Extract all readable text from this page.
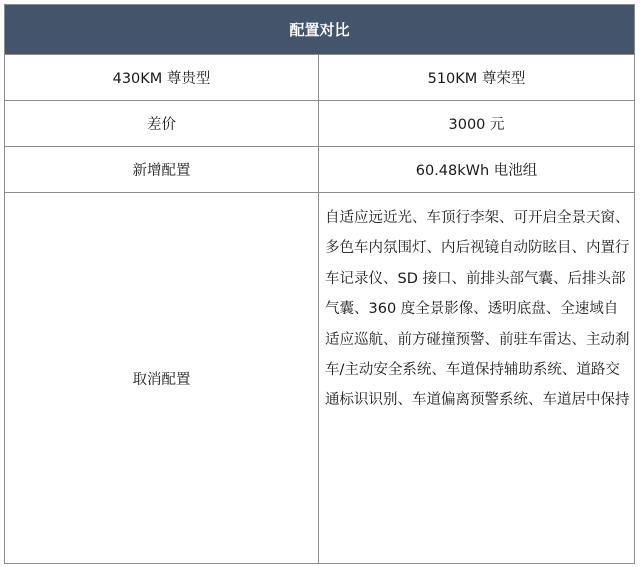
配置对比	
430KM 尊贵型	510KM 尊荣型
差价	3000 元
新增配置	60.48kWh 电池组
取消配置	自适应远近光、车顶行李架、可开启全景天窗、多色车内氛围灯、内后视镜自动防眩目、内置行车记录仪、SD 接口、前排头部气囊、后排头部气囊、360 度全景影像、透明底盘、全速域自适应巡航、前方碰撞预警、前驻车雷达、主动刹车/主动安全系统、车道保持辅助系统、道路交通标识识别、车道偏离预警系统、车道居中保持
